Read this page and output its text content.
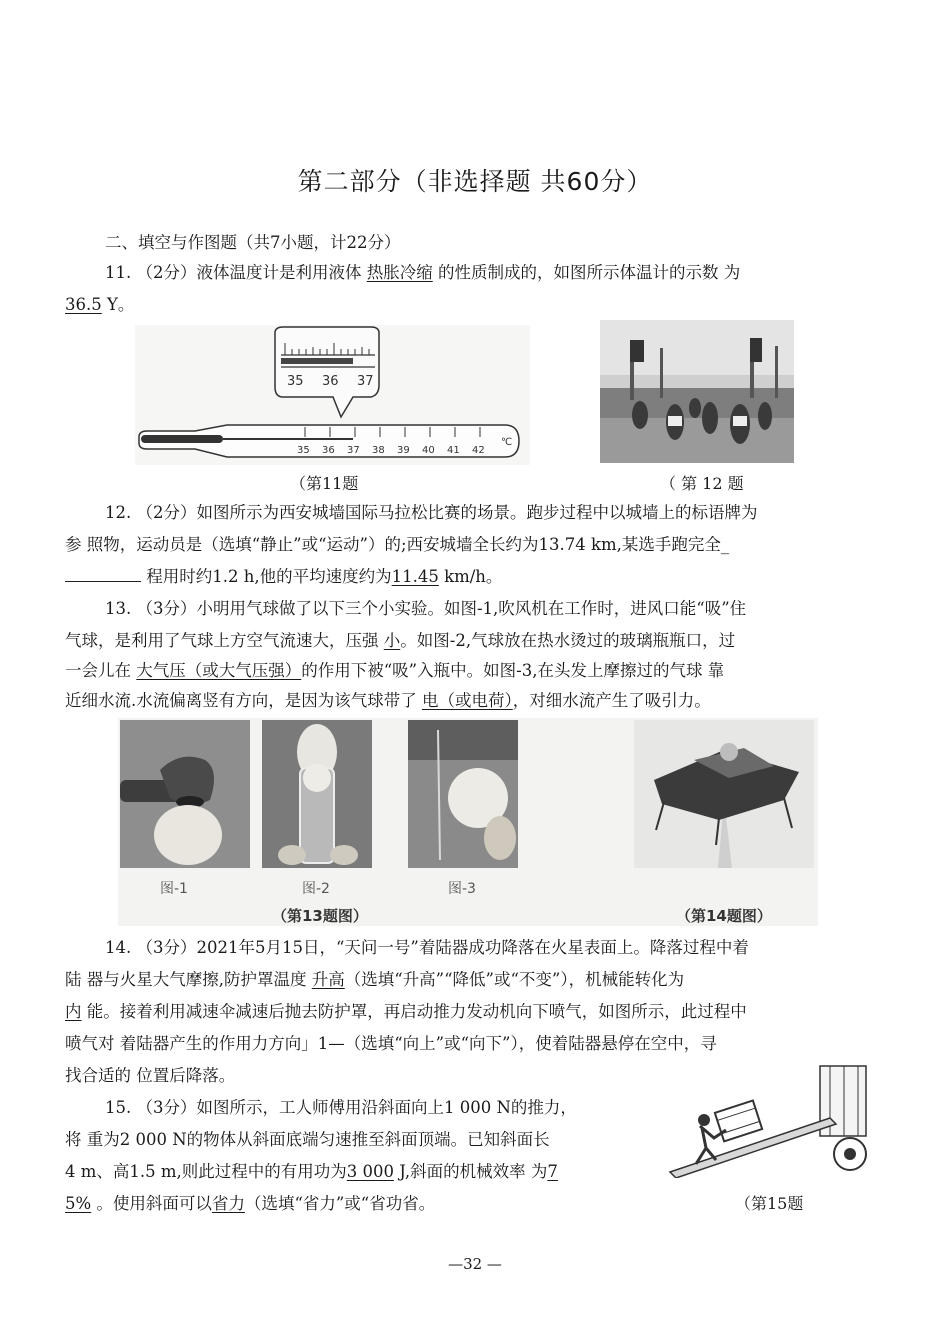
第二部分（非选择题 共60分）
二、填空与作图题（共7小题，计22分）
11. （2分）液体温度计是利用液体 热胀冷缩 的性质制成的，如图所示体温计的示数 为
36.5 Y。
35 36 37
35 36 37 38 39 40 41 42
℃
（第11题	（ 第 12 题
12. （2分）如图所示为西安城墙国际马拉松比赛的场景。跑步过程中以城墙上的标语牌为
参 照物，运动员是（选填“静止”或“运动”）的;西安城墙全长约为13.74 km,某选手跑完全_
程用时约1.2 h,他的平均速度约为11.45 km/h。
13. （3分）小明用气球做了以下三个小实验。如图-1,吹风机在工作时，进风口能“吸”住
气球，是利用了气球上方空气流速大，压强 小。如图-2,气球放在热水烫过的玻璃瓶瓶口，过
一会儿在 大气压（或大气压强）的作用下被“吸”入瓶中。如图-3,在头发上摩擦过的气球 靠
近细水流.水流偏离竖有方向，是因为该气球带了 电（或电荷），对细水流产生了吸引力。
图-1	图-2	图-3
（第13题图）	（第14题图）
14. （3分）2021年5月15日，“天问一号”着陆器成功降落在火星表面上。降落过程中着
陆 器与火星大气摩擦,防护罩温度 升高（选填“升高”“降低”或“不变”），机械能转化为
内 能。接着利用减速伞减速后抛去防护罩，再启动推力发动机向下喷气，如图所示，此过程中
喷气对 着陆器产生的作用力方向」1—（选填“向上”或“向下”），使着陆器悬停在空中，寻
找合适的 位置后降落。
15. （3分）如图所示，工人师傅用沿斜面向上1 000 N的推力，
将 重为2 000 N的物体从斜面底端匀速推至斜面顶端。已知斜面长
4 m、高1.5 m,则此过程中的有用功为3 000 J,斜面的机械效率 为7
5% 。使用斜面可以省力（选填“省力”或“省功省。	（第15题
—32 —
